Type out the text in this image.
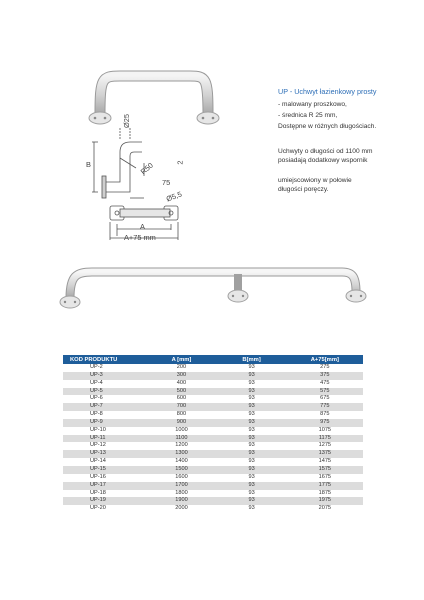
Ø25
R50
B
75
2
Ø5,5
A
A+75 mm
UP - Uchwyt łazienkowy prosty
- malowany proszkowo,
- średnica R 25 mm,
Dostępne w różnych długościach.
Uchwyty o długości od 1100 mm
posiadają dodatkowy wspornik
umiejscowiony w połowie
długości poręczy.
KOD PRODUKTU	A [mm]	B[mm]	A+75[mm]
UP-2	200	93	275
UP-3	300	93	375
UP-4	400	93	475
UP-5	500	93	575
UP-6	600	93	675
UP-7	700	93	775
UP-8	800	93	875
UP-9	900	93	975
UP-10	1000	93	1075
UP-11	1100	93	1175
UP-12	1200	93	1275
UP-13	1300	93	1375
UP-14	1400	93	1475
UP-15	1500	93	1575
UP-16	1600	93	1675
UP-17	1700	93	1775
UP-18	1800	93	1875
UP-19	1900	93	1975
UP-20	2000	93	2075
